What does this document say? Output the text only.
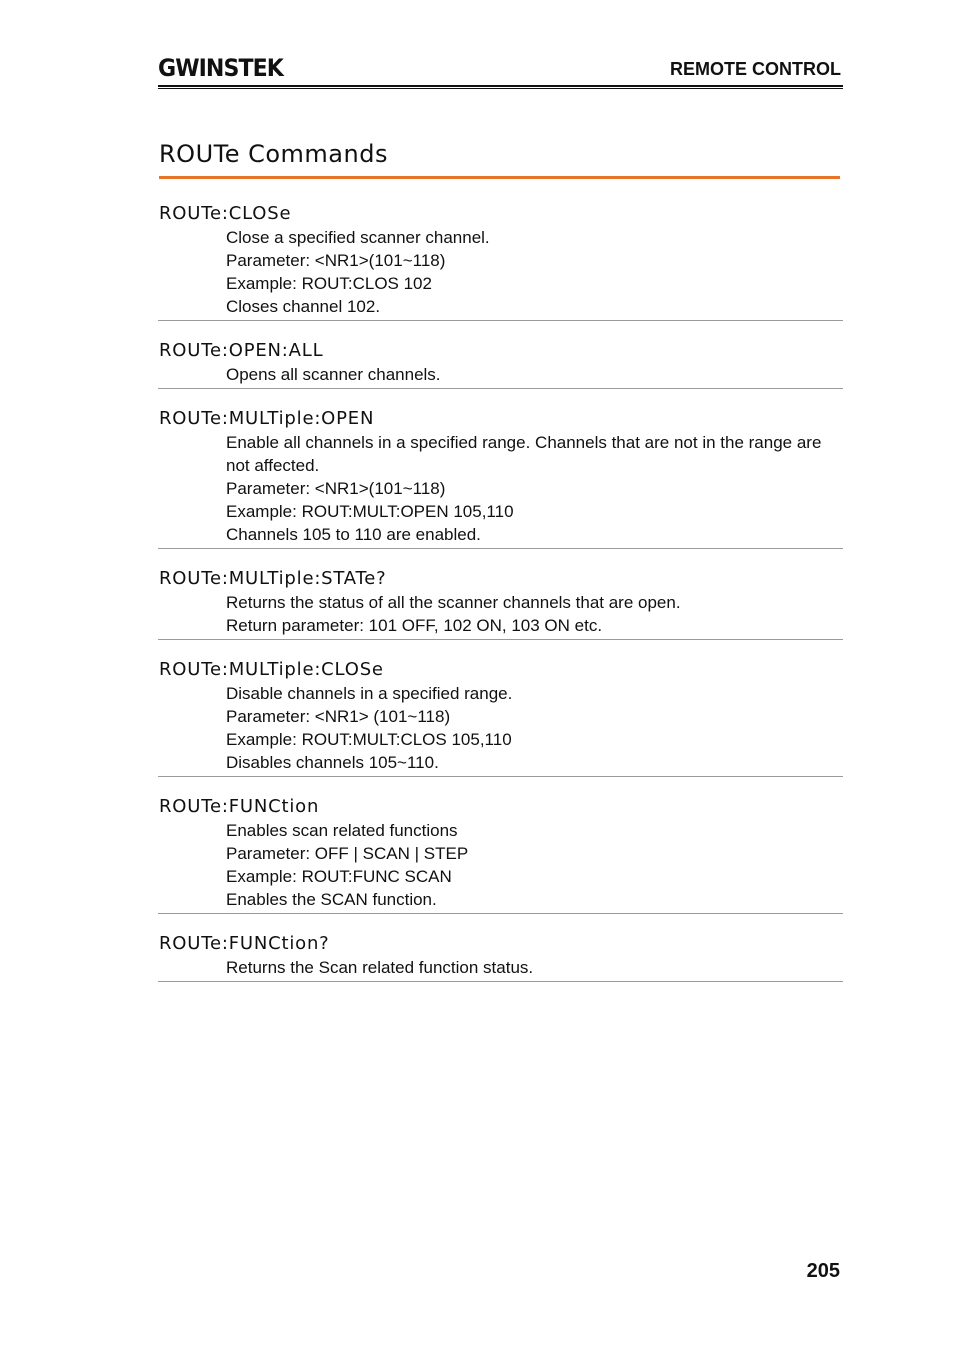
GWINSTEK	REMOTE CONTROL
ROUTe Commands
ROUTe:CLOSe
Close a specified scanner channel.
Parameter: <NR1>(101~118)
Example: ROUT:CLOS 102
Closes channel 102.
ROUTe:OPEN:ALL
Opens all scanner channels.
ROUTe:MULTiple:OPEN
Enable all channels in a specified range. Channels that are not in the range are not affected.
Parameter: <NR1>(101~118)
Example: ROUT:MULT:OPEN 105,110
Channels 105 to 110 are enabled.
ROUTe:MULTiple:STATe?
Returns the status of all the scanner channels that are open.
Return parameter: 101 OFF, 102 ON, 103 ON etc.
ROUTe:MULTiple:CLOSe
Disable channels in a specified range.
Parameter: <NR1> (101~118)
Example: ROUT:MULT:CLOS 105,110
Disables channels 105~110.
ROUTe:FUNCtion
Enables scan related functions
Parameter: OFF | SCAN | STEP
Example: ROUT:FUNC SCAN
Enables the SCAN function.
ROUTe:FUNCtion?
Returns the Scan related function status.
205
